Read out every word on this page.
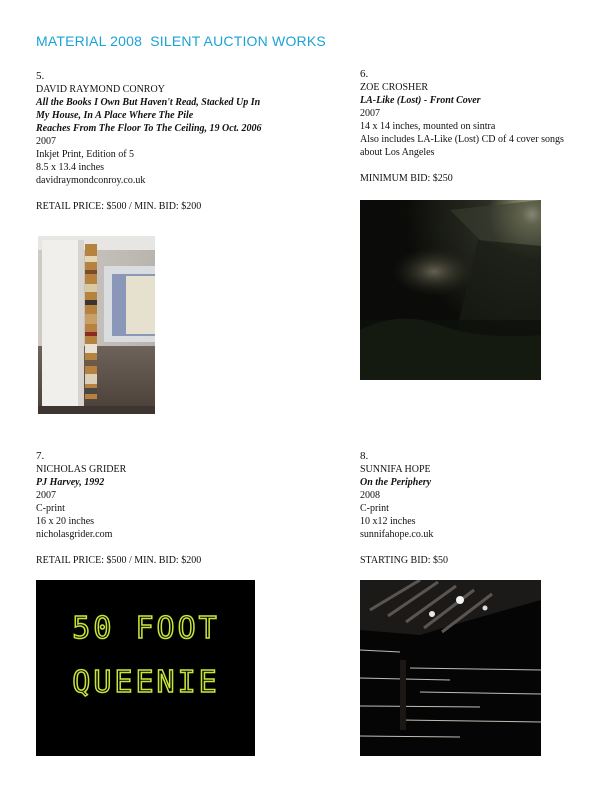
MATERIAL 2008  SILENT AUCTION WORKS
5.
DAVID RAYMOND CONROY
All the Books I Own But Haven't Read, Stacked Up In
My House, In A Place Where The Pile
Reaches From The Floor To The Ceiling, 19 Oct. 2006
2007
Inkjet Print, Edition of 5
8.5 x 13.4 inches
davidraymondconroy.co.uk
RETAIL PRICE: $500 / MIN. BID: $200
6.
ZOE CROSHER
LA-Like (Lost) - Front Cover
2007
14 x 14 inches, mounted on sintra
Also includes LA-Like (Lost) CD of 4 cover songs
about Los Angeles
MINIMUM BID: $250
7.
NICHOLAS GRIDER
PJ Harvey, 1992
2007
C-print
16 x 20 inches
nicholasgrider.com
RETAIL PRICE: $500 / MIN. BID: $200
8.
SUNNIFA HOPE
On the Periphery
2008
C-print
10 x12 inches
sunnifahope.co.uk
STARTING BID: $50
50 FOOT
QUEENIE
